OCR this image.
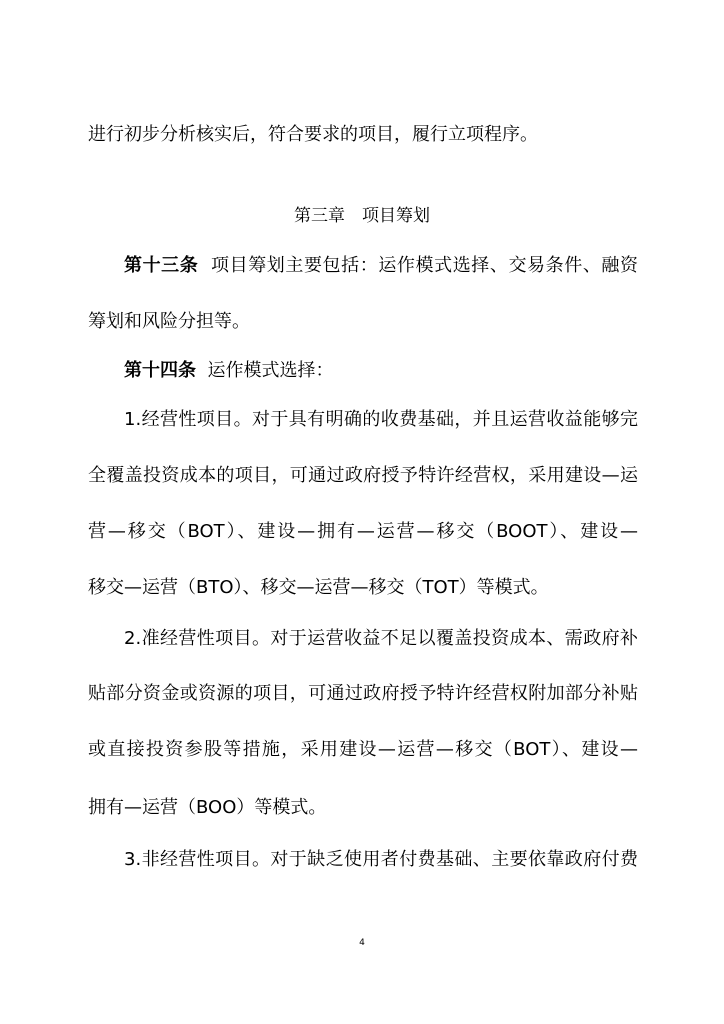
进行初步分析核实后，符合要求的项目，履行立项程序。
第三章　项目筹划
第十三条 项目筹划主要包括：运作模式选择、交易条件、融资
筹划和风险分担等。
第十四条 运作模式选择：
1.经营性项目。对于具有明确的收费基础，并且运营收益能够完
全覆盖投资成本的项目，可通过政府授予特许经营权，采用建设—运
营—移交（BOT）、建设—拥有—运营—移交（BOOT）、建设—
移交—运营（BTO）、移交—运营—移交（TOT）等模式。
2.准经营性项目。对于运营收益不足以覆盖投资成本、需政府补
贴部分资金或资源的项目，可通过政府授予特许经营权附加部分补贴
或直接投资参股等措施，采用建设—运营—移交（BOT）、建设—
拥有—运营（BOO）等模式。
3.非经营性项目。对于缺乏使用者付费基础、主要依靠政府付费
4
